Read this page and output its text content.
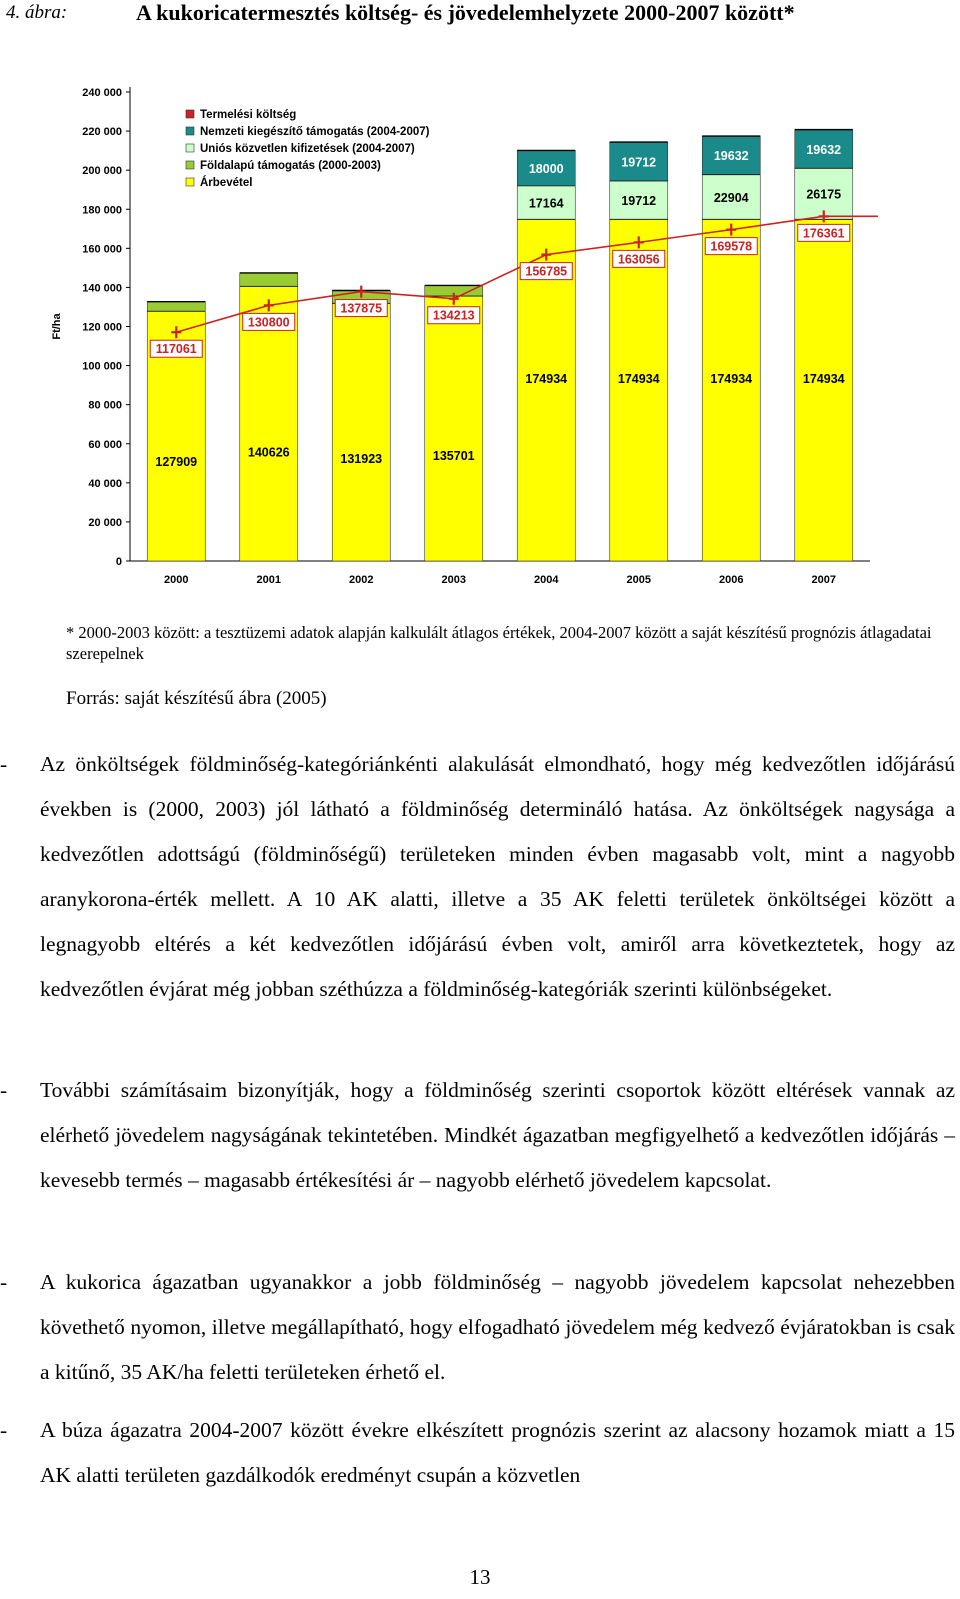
4. ábra:	A kukoricatermesztés költség- és jövedelemhelyzete 2000-2007 között*
0
20 000
40 000
60 000
80 000
100 000
120 000
140 000
160 000
180 000
200 000
220 000
240 000
Ft/ha
2000	2001	2002	2003	2004	2005	2006	2007
127909
140626	131923	135701
174934
17164
18000
174934
19712
19712
174934
22904
19632
174934
26175
19632
117061
130800
137875
134213
156785
163056
169578
176361
Termelési költség
Nemzeti kiegészítő támogatás (2004-2007)
Uniós közvetlen kifizetések (2004-2007)
Földalapú támogatás (2000-2003)
Árbevétel
* 2000-2003 között: a tesztüzemi adatok alapján kalkulált átlagos értékek, 2004-2007 között a saját készítésű prognózis átlagadatai szerepelnek
Forrás: saját készítésű ábra (2005)
- Az önköltségek földminőség-kategóriánkénti alakulását elmondható, hogy még kedvezőtlen időjárású években is (2000, 2003) jól látható a földminőség determináló hatása. Az önköltségek nagysága a kedvezőtlen adottságú (földminőségű) területeken minden évben magasabb volt, mint a nagyobb aranykorona-érték mellett. A 10 AK alatti, illetve a 35 AK feletti területek önköltségei között a legnagyobb eltérés a két kedvezőtlen időjárású évben volt, amiről arra következtetek, hogy az kedvezőtlen évjárat még jobban széthúzza a földminőség-kategóriák szerinti különbségeket.
- További számításaim bizonyítják, hogy a földminőség szerinti csoportok között eltérések vannak az elérhető jövedelem nagyságának tekintetében. Mindkét ágazatban megfigyelhető a kedvezőtlen időjárás – kevesebb termés – magasabb értékesítési ár – nagyobb elérhető jövedelem kapcsolat.
- A kukorica ágazatban ugyanakkor a jobb földminőség – nagyobb jövedelem kapcsolat nehezebben követhető nyomon, illetve megállapítható, hogy elfogadható jövedelem még kedvező évjáratokban is csak a kitűnő, 35 AK/ha feletti területeken érhető el.
- A búza ágazatra 2004-2007 között évekre elkészített prognózis szerint az alacsony hozamok miatt a 15 AK alatti területen gazdálkodók eredményt csupán a közvetlen
13
